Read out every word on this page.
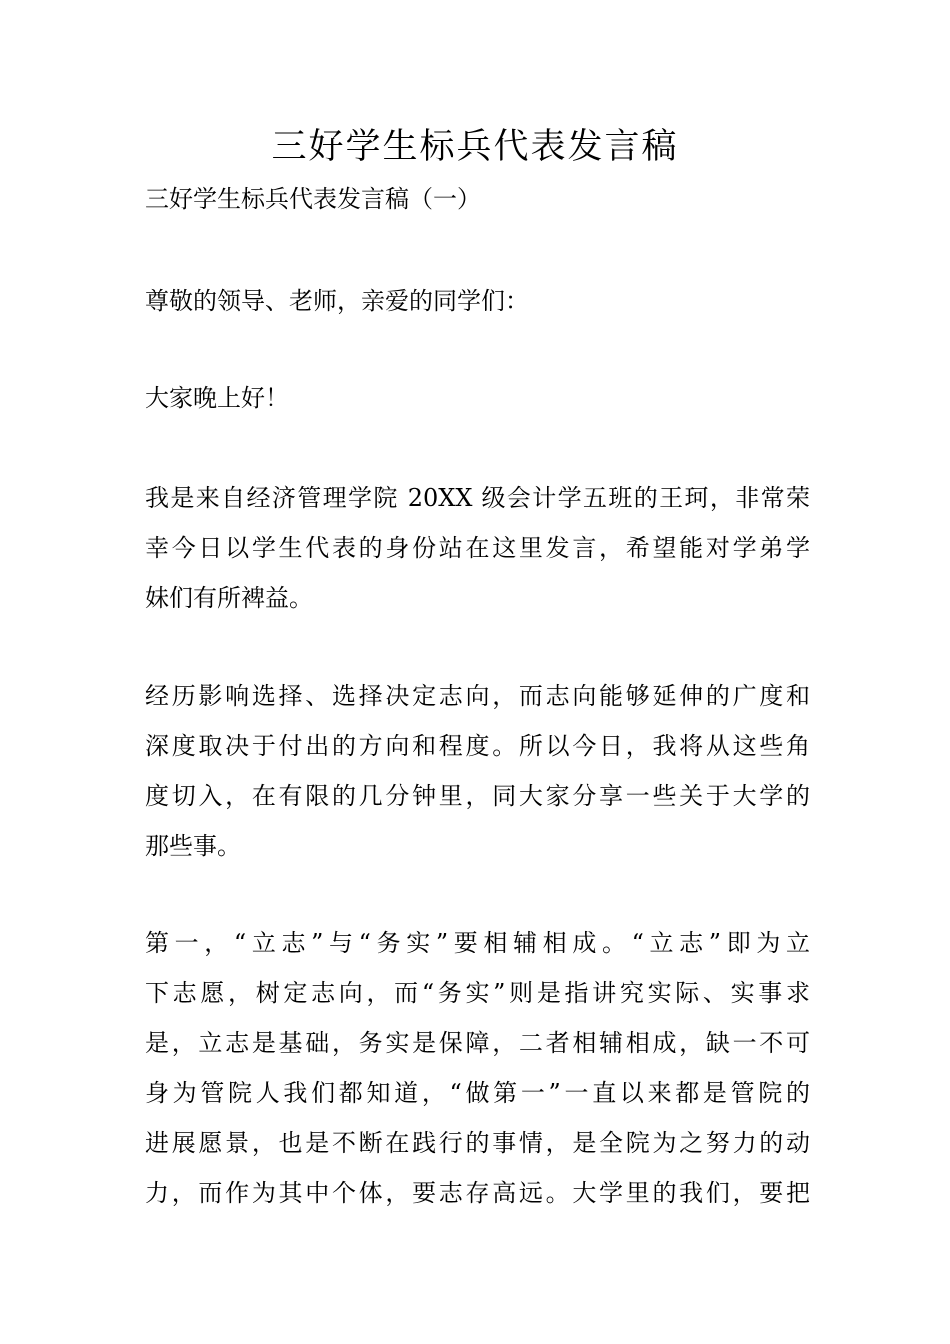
三好学生标兵代表发言稿
三好学生标兵代表发言稿（一）

尊敬的领导、老师，亲爱的同学们：

大家晚上好！

我是来自经济管理学院 20XX 级会计学五班的王珂，非常荣
幸今日以学生代表的身份站在这里发言，希望能对学弟学
妹们有所裨益。

经历影响选择、选择决定志向，而志向能够延伸的广度和
深度取决于付出的方向和程度。所以今日，我将从这些角
度切入，在有限的几分钟里，同大家分享一些关于大学的
那些事。

第一，“立志”与“务实”要相辅相成。“立志”即为立
下志愿，树定志向，而“务实”则是指讲究实际、实事求
是，立志是基础，务实是保障，二者相辅相成，缺一不可
身为管院人我们都知道，“做第一”一直以来都是管院的
进展愿景，也是不断在践行的事情，是全院为之努力的动
力，而作为其中个体，要志存高远。大学里的我们，要把
